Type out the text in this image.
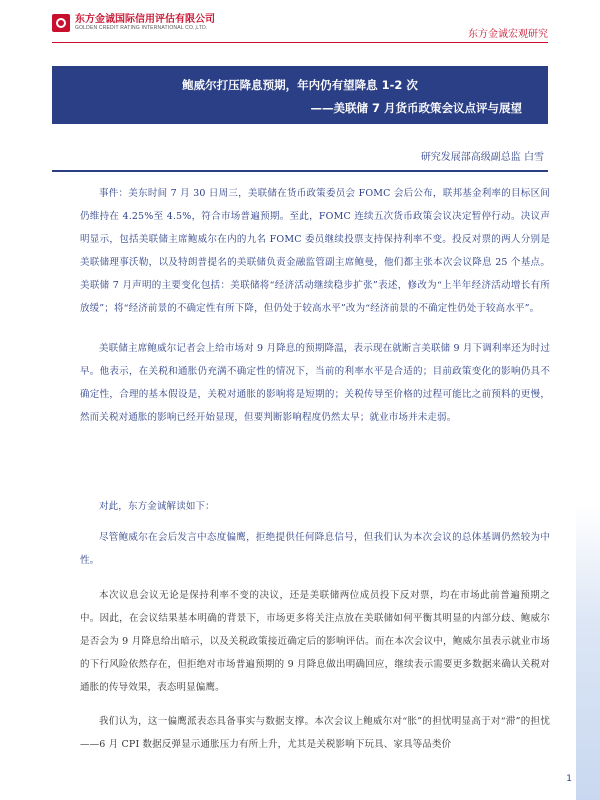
东方金诚国际信用评估有限公司
GOLDEN CREDIT RATING INTERNATIONAL CO.,LTD.
东方金诚宏观研究
鲍威尔打压降息预期，年内仍有望降息 1-2 次
——美联储 7 月货币政策会议点评与展望
研究发展部高级副总监 白雪

事件：美东时间 7 月 30 日周三，美联储在货币政策委员会 FOMC 会后公布，联邦基金利率的目标区间仍维持在 4.25%至 4.5%，符合市场普遍预期。至此，FOMC 连续五次货币政策会议决定暂停行动。决议声明显示，包括美联储主席鲍威尔在内的九名 FOMC 委员继续投票支持保持利率不变。投反对票的两人分别是美联储理事沃勒，以及特朗普提名的美联储负责金融监管副主席鲍曼，他们都主张本次会议降息 25 个基点。美联储 7 月声明的主要变化包括：美联储将“经济活动继续稳步扩张”表述，修改为“上半年经济活动增长有所放缓”；将“经济前景的不确定性有所下降，但仍处于较高水平”改为“经济前景的不确定性仍处于较高水平”。

美联储主席鲍威尔记者会上给市场对 9 月降息的预期降温，表示现在就断言美联储 9 月下调利率还为时过早。他表示，在关税和通胀仍充满不确定性的情况下，当前的利率水平是合适的；目前政策变化的影响仍具不确定性，合理的基本假设是，关税对通胀的影响将是短期的；关税传导至价格的过程可能比之前预料的更慢，然而关税对通胀的影响已经开始显现，但要判断影响程度仍然太早；就业市场并未走弱。

对此，东方金诚解读如下：

尽管鲍威尔在会后发言中态度偏鹰，拒绝提供任何降息信号，但我们认为本次会议的总体基调仍然较为中性。

本次议息会议无论是保持利率不变的决议，还是美联储两位成员投下反对票，均在市场此前普遍预期之中。因此，在会议结果基本明确的背景下，市场更多将关注点放在美联储如何平衡其明显的内部分歧、鲍威尔是否会为 9 月降息给出暗示，以及关税政策接近确定后的影响评估。而在本次会议中，鲍威尔虽表示就业市场的下行风险依然存在，但拒绝对市场普遍预期的 9 月降息做出明确回应，继续表示需要更多数据来确认关税对通胀的传导效果，表态明显偏鹰。

我们认为，这一偏鹰派表态具备事实与数据支撑。本次会议上鲍威尔对“胀”的担忧明显高于对“滞”的担忧——6 月 CPI 数据反弹显示通胀压力有所上升，尤其是关税影响下玩具、家具等品类价

1
